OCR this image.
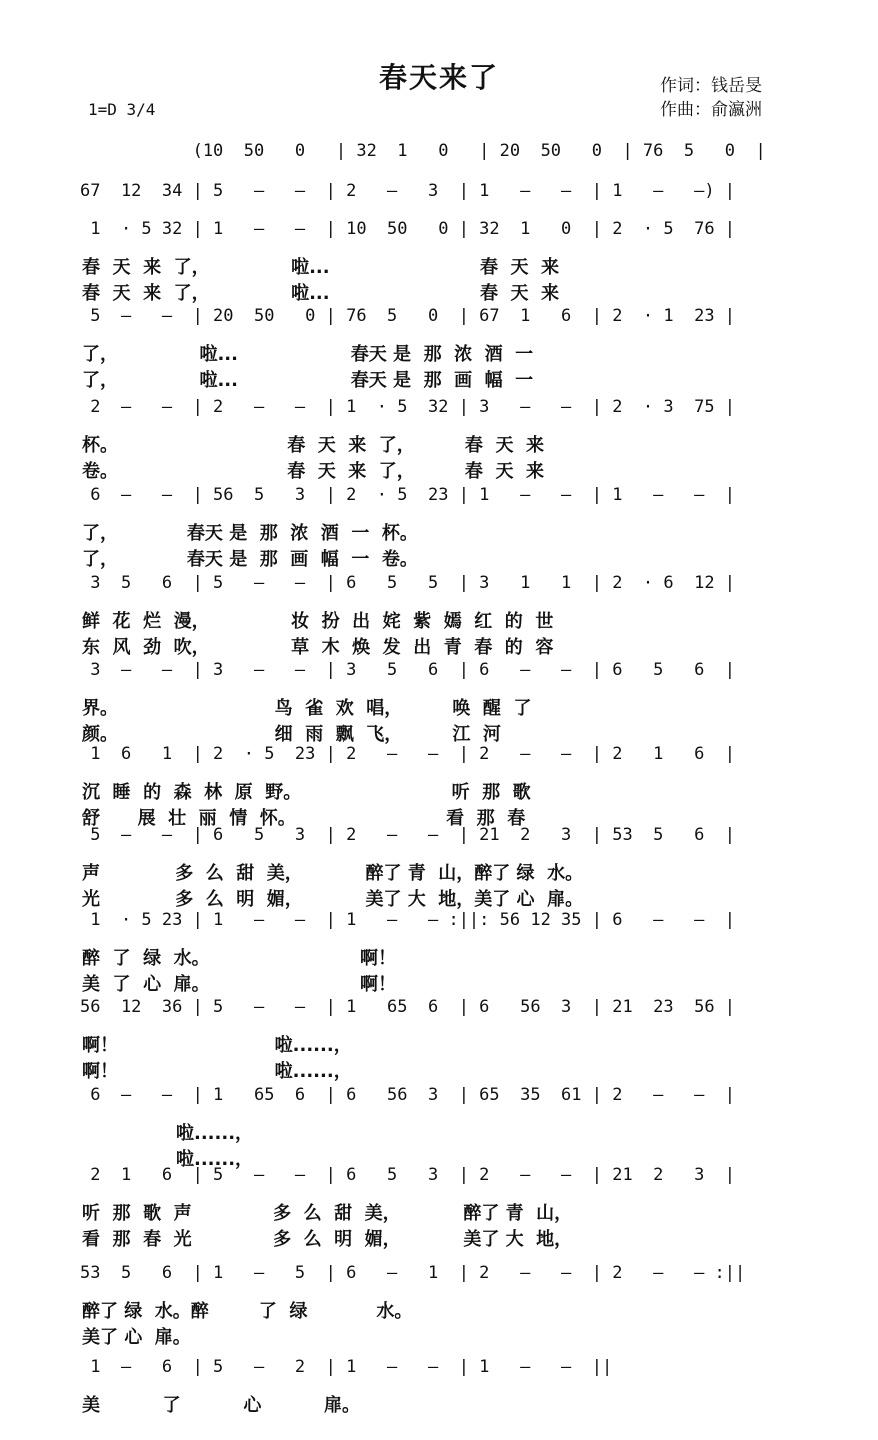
春天来了	作词：钱岳旻
作曲：俞瀛洲
1=D 3/4
(10  50   0   | 32  1   0   | 20  50   0  | 76  5   0  |
67  12  34 | 5   —   —  | 2   —   3  | 1   —   —  | 1   —   —) |
1  · 5 32 | 1   —   —  | 10  50   0 | 32  1   0  | 2  · 5  76 |
春  天  来  了，             啦...                        春  天  来
春  天  来  了，             啦...                        春  天  来
5  —   —  | 20  50   0 | 76  5   0  | 67  1   6  | 2  · 1  23 |
了，             啦...                  春天 是  那  浓  酒  一
了，             啦...                  春天 是  那  画  幅  一
2  —   —  | 2   —   —  | 1  · 5  32 | 3   —   —  | 2  · 3  75 |
杯。                           春  天  来  了，        春  天  来
卷。                           春  天  来  了，        春  天  来
6  —   —  | 56  5   3  | 2  · 5  23 | 1   —   —  | 1   —   —  |
了，           春天 是  那  浓  酒  一  杯。
了，           春天 是  那  画  幅  一  卷。
3  5   6  | 5   —   —  | 6   5   5  | 3   1   1  | 2  · 6  12 |
鲜  花  烂  漫，             妆  扮  出  姹  紫  嫣  红  的  世
东  风  劲  吹，             草  木  焕  发  出  青  春  的  容
3  —   —  | 3   —   —  | 3   5   6  | 6   —   —  | 6   5   6  |
界。                         鸟  雀  欢  唱，        唤  醒  了
颜。                         细  雨  飘  飞，        江  河
1  6   1  | 2  · 5  23 | 2   —   —  | 2   —   —  | 2   1   6  |
沉  睡  的  森  林  原  野。                        听  那  歌
舒      展  壮  丽  情  怀。                        看  那  春
5  —   —  | 6   5   3  | 2   —   —  | 21  2   3  | 53  5   6  |
声            多  么  甜  美，          醉了 青  山，醉了 绿  水。
光            多  么  明  媚，          美了 大  地，美了 心  扉。
1  · 5 23 | 1   —   —  | 1   —   — :||: 56 12 35 | 6   —   —  |
醉  了  绿  水。                        啊！
美  了  心  扉。                        啊！
56  12  36 | 5   —   —  | 1   65  6  | 6   56  3  | 21  23  56 |
啊！                         啦......，
啊！                         啦......，
6  —   —  | 1   65  6  | 6   56  3  | 65  35  61 | 2   —   —  |
啦......，
啦......，
2  1   6  | 5   —   —  | 6   5   3  | 2   —   —  | 21  2   3  |
听  那  歌  声             多  么  甜  美，          醉了 青  山，
看  那  春  光             多  么  明  媚，          美了 大  地，
53  5   6  | 1   —   5  | 6   —   1  | 2   —   —  | 2   —   — :||
醉了 绿  水。醉        了  绿           水。
美了 心  扉。
1  —   6  | 5   —   2  | 1   —   —  | 1   —   —  ||
美          了          心          扉。
